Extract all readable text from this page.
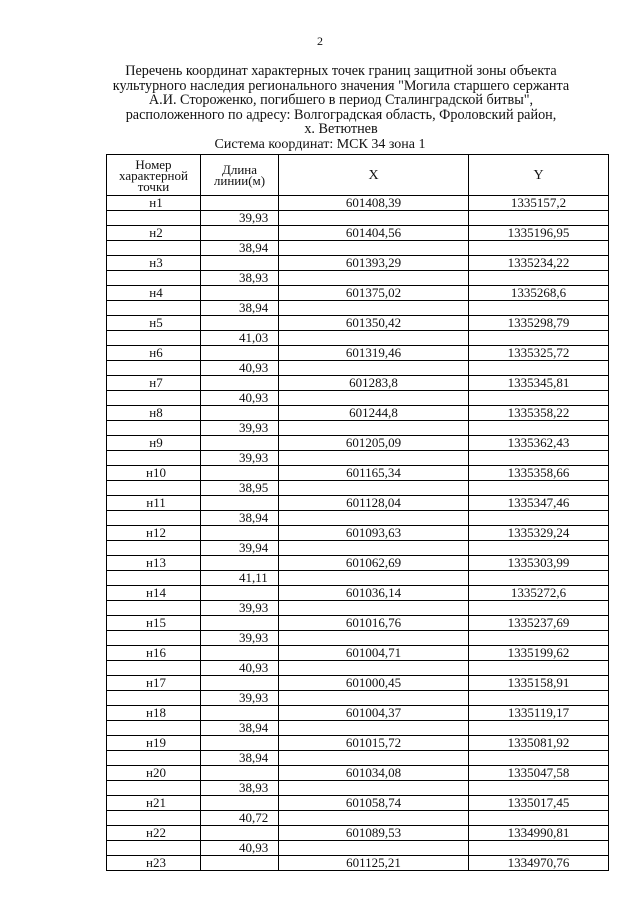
2
Перечень координат характерных точек границ защитной зоны объекта
культурного наследия регионального значения "Могила старшего сержанта
А.И. Стороженко, погибшего в период Сталинградской битвы",
расположенного по адресу: Волгоградская область, Фроловский район,
х. Ветютнев
Система координат: МСК 34 зона 1
Номер
характерной
точки	Длина
линии(м)	X	Y
н1		601408,39	1335157,2
	39,93		
н2		601404,56	1335196,95
	38,94		
н3		601393,29	1335234,22
	38,93		
н4		601375,02	1335268,6
	38,94		
н5		601350,42	1335298,79
	41,03		
н6		601319,46	1335325,72
	40,93		
н7		601283,8	1335345,81
	40,93		
н8		601244,8	1335358,22
	39,93		
н9		601205,09	1335362,43
	39,93		
н10		601165,34	1335358,66
	38,95		
н11		601128,04	1335347,46
	38,94		
н12		601093,63	1335329,24
	39,94		
н13		601062,69	1335303,99
	41,11		
н14		601036,14	1335272,6
	39,93		
н15		601016,76	1335237,69
	39,93		
н16		601004,71	1335199,62
	40,93		
н17		601000,45	1335158,91
	39,93		
н18		601004,37	1335119,17
	38,94		
н19		601015,72	1335081,92
	38,94		
н20		601034,08	1335047,58
	38,93		
н21		601058,74	1335017,45
	40,72		
н22		601089,53	1334990,81
	40,93		
н23		601125,21	1334970,76
